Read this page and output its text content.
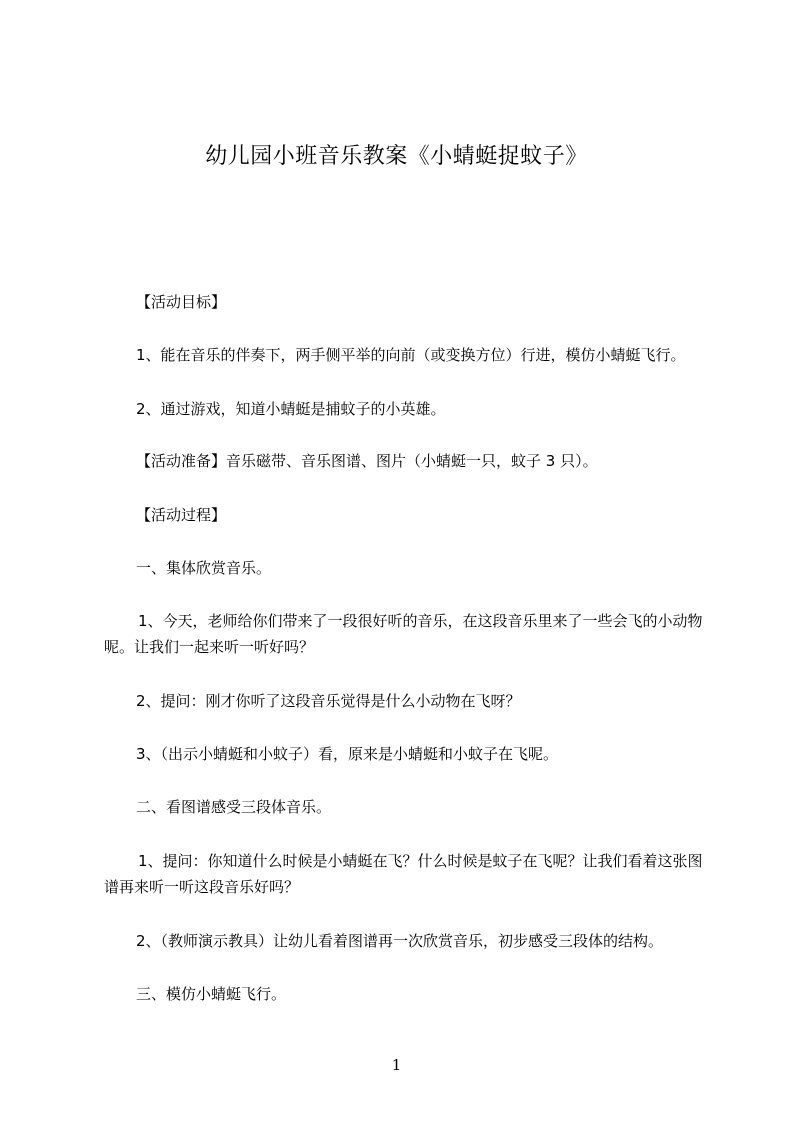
幼儿园小班音乐教案《小蜻蜓捉蚊子》
【活动目标】
1、能在音乐的伴奏下，两手侧平举的向前（或变换方位）行进，模仿小蜻蜓飞行。
2、通过游戏，知道小蜻蜓是捕蚊子的小英雄。
【活动准备】音乐磁带、音乐图谱、图片（小蜻蜓一只，蚊子 3 只）。
【活动过程】
一、集体欣赏音乐。
1、今天，老师给你们带来了一段很好听的音乐，在这段音乐里来了一些会飞的小动物呢。让我们一起来听一听好吗？
2、提问：刚才你听了这段音乐觉得是什么小动物在飞呀？
3、（出示小蜻蜓和小蚊子）看，原来是小蜻蜓和小蚊子在飞呢。
二、看图谱感受三段体音乐。
1、提问：你知道什么时候是小蜻蜓在飞？什么时候是蚊子在飞呢？让我们看着这张图谱再来听一听这段音乐好吗？
2、（教师演示教具）让幼儿看着图谱再一次欣赏音乐，初步感受三段体的结构。
三、模仿小蜻蜓飞行。
1
